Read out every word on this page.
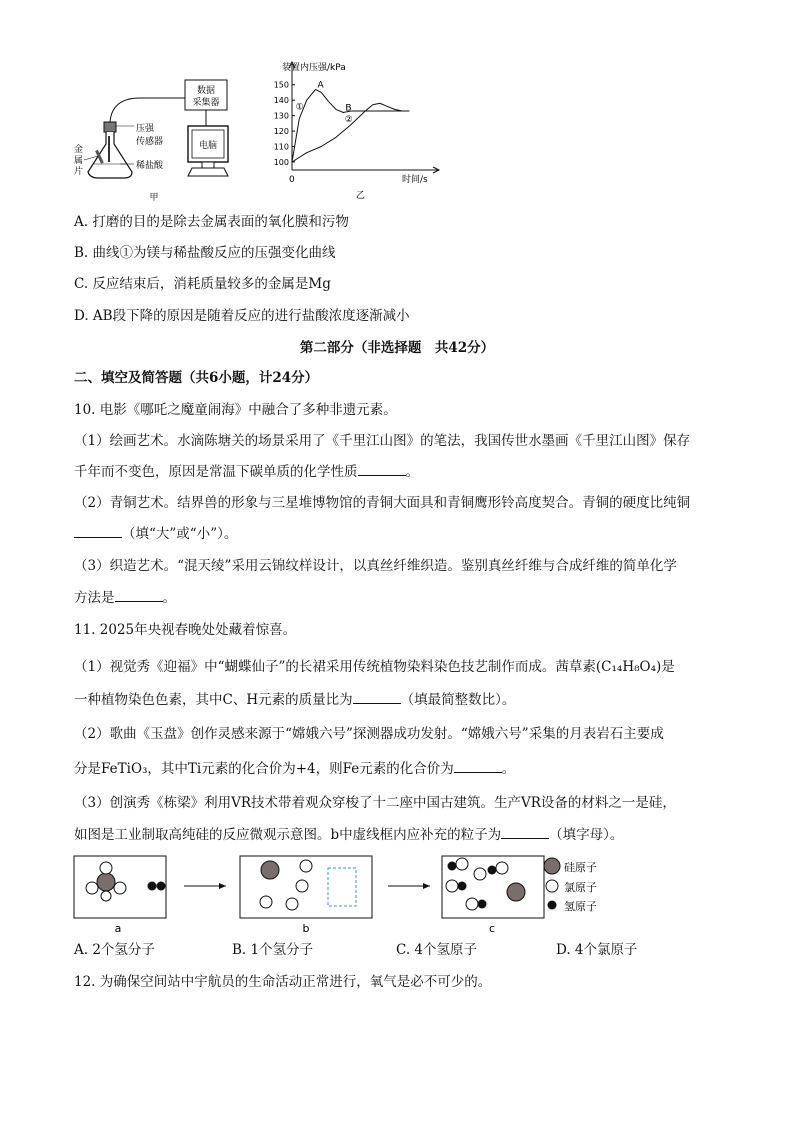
数据
采集器
电脑
压强
传感器
稀盐酸
金
属
片
甲
100
110
120
130
140
150
①
②
A
B
装置内压强/kPa
时间/s
0
乙
A. 打磨的目的是除去金属表面的氧化膜和污物
B. 曲线①为镁与稀盐酸反应的压强变化曲线
C. 反应结束后，消耗质量较多的金属是Mg
D. AB段下降的原因是随着反应的进行盐酸浓度逐渐减小
第二部分（非选择题　共42分）
二、填空及简答题（共6小题，计24分）
10. 电影《哪吒之魔童闹海》中融合了多种非遗元素。
（1）绘画艺术。水滴陈塘关的场景采用了《千里江山图》的笔法，我国传世水墨画《千里江山图》保存
千年而不变色，原因是常温下碳单质的化学性质	。
（2）青铜艺术。结界兽的形象与三星堆博物馆的青铜大面具和青铜鹰形铃高度契合。青铜的硬度比纯铜
（填“大”或“小”）。
（3）织造艺术。“混天绫”采用云锦纹样设计，以真丝纤维织造。鉴别真丝纤维与合成纤维的简单化学
方法是	。
11. 2025年央视春晚处处藏着惊喜。
（1）视觉秀《迎福》中“蝴蝶仙子”的长裙采用传统植物染料染色技艺制作而成。茜草素(C₁₄H₈O₄)是
一种植物染色色素，其中C、H元素的质量比为	（填最简整数比）。
（2）歌曲《玉盘》创作灵感来源于“嫦娥六号”探测器成功发射。“嫦娥六号”采集的月表岩石主要成
分是FeTiO₃，其中Ti元素的化合价为+4，则Fe元素的化合价为	。
（3）创演秀《栋梁》利用VR技术带着观众穿梭了十二座中国古建筑。生产VR设备的材料之一是硅，
如图是工业制取高纯硅的反应微观示意图。b中虚线框内应补充的粒子为	（填字母）。
a	b	c
硅原子
氯原子
氢原子
A. 2个氢分子	B. 1个氢分子	C. 4个氢原子	D. 4个氯原子
12. 为确保空间站中宇航员的生命活动正常进行，氧气是必不可少的。
